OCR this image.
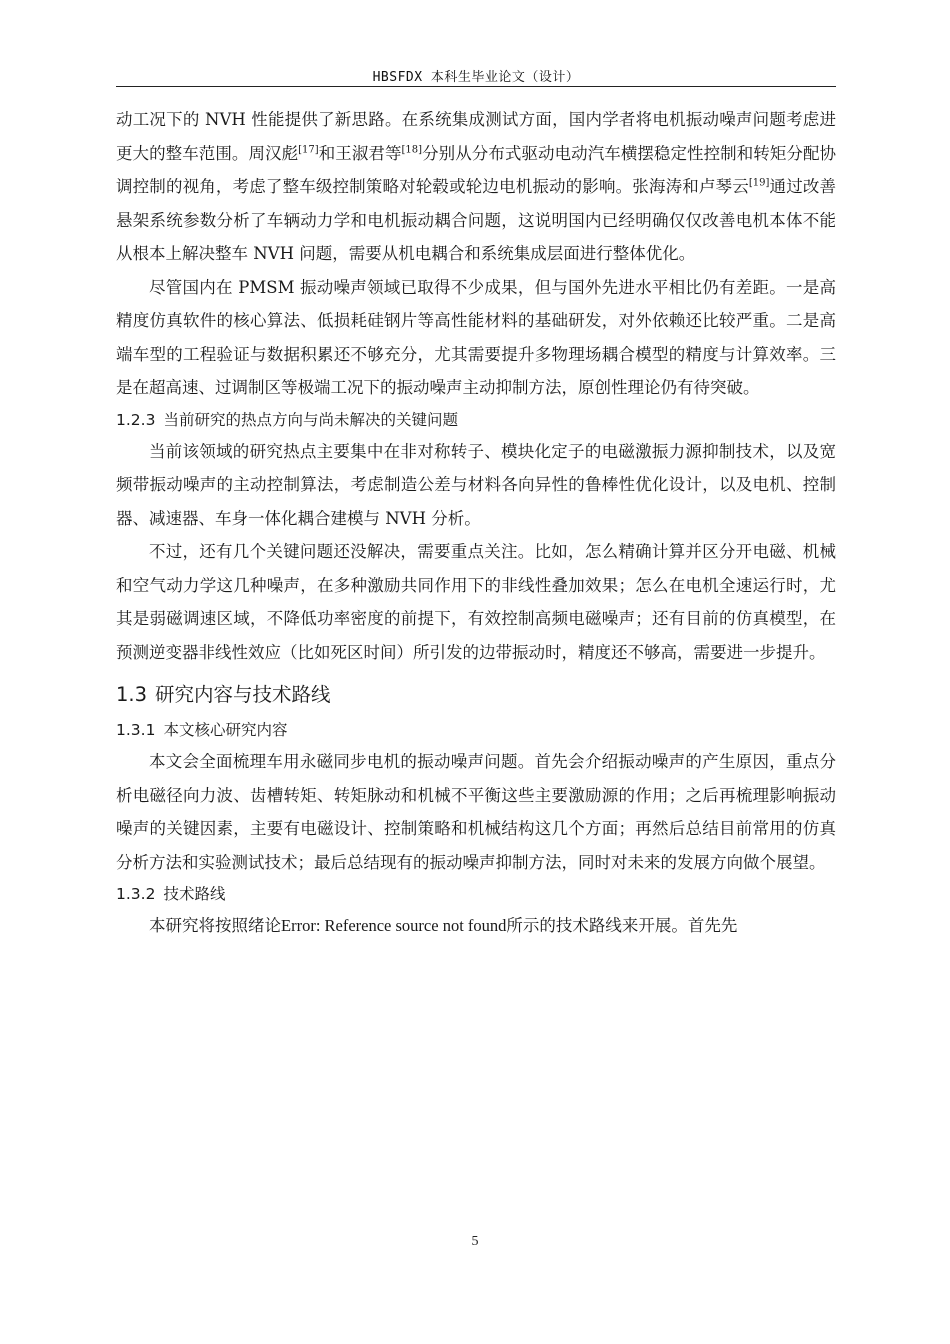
HBSFDX 本科生毕业论文（设计）

动工况下的 NVH 性能提供了新思路。在系统集成测试方面，国内学者将电机振动噪声问题考虑进更大的整车范围。周汉彪[17]和王淑君等[18]分别从分布式驱动电动汽车横摆稳定性控制和转矩分配协调控制的视角，考虑了整车级控制策略对轮毂或轮边电机振动的影响。张海涛和卢琴云[19]通过改善悬架系统参数分析了车辆动力学和电机振动耦合问题，这说明国内已经明确仅仅改善电机本体不能从根本上解决整车 NVH 问题，需要从机电耦合和系统集成层面进行整体优化。

尽管国内在 PMSM 振动噪声领域已取得不少成果，但与国外先进水平相比仍有差距。一是高精度仿真软件的核心算法、低损耗硅钢片等高性能材料的基础研发，对外依赖还比较严重。二是高端车型的工程验证与数据积累还不够充分，尤其需要提升多物理场耦合模型的精度与计算效率。三是在超高速、过调制区等极端工况下的振动噪声主动抑制方法，原创性理论仍有待突破。

1.2.3 当前研究的热点方向与尚未解决的关键问题

当前该领域的研究热点主要集中在非对称转子、模块化定子的电磁激振力源抑制技术，以及宽频带振动噪声的主动控制算法，考虑制造公差与材料各向异性的鲁棒性优化设计，以及电机、控制器、减速器、车身一体化耦合建模与 NVH 分析。

不过，还有几个关键问题还没解决，需要重点关注。比如，怎么精确计算并区分开电磁、机械和空气动力学这几种噪声，在多种激励共同作用下的非线性叠加效果；怎么在电机全速运行时，尤其是弱磁调速区域，不降低功率密度的前提下，有效控制高频电磁噪声；还有目前的仿真模型，在预测逆变器非线性效应（比如死区时间）所引发的边带振动时，精度还不够高，需要进一步提升。

1.3 研究内容与技术路线
1.3.1 本文核心研究内容

本文会全面梳理车用永磁同步电机的振动噪声问题。首先会介绍振动噪声的产生原因，重点分析电磁径向力波、齿槽转矩、转矩脉动和机械不平衡这些主要激励源的作用；之后再梳理影响振动噪声的关键因素，主要有电磁设计、控制策略和机械结构这几个方面；再然后总结目前常用的仿真分析方法和实验测试技术；最后总结现有的振动噪声抑制方法，同时对未来的发展方向做个展望。

1.3.2 技术路线

本研究将按照绪论Error: Reference source not found所示的技术路线来开展。首先先

5
